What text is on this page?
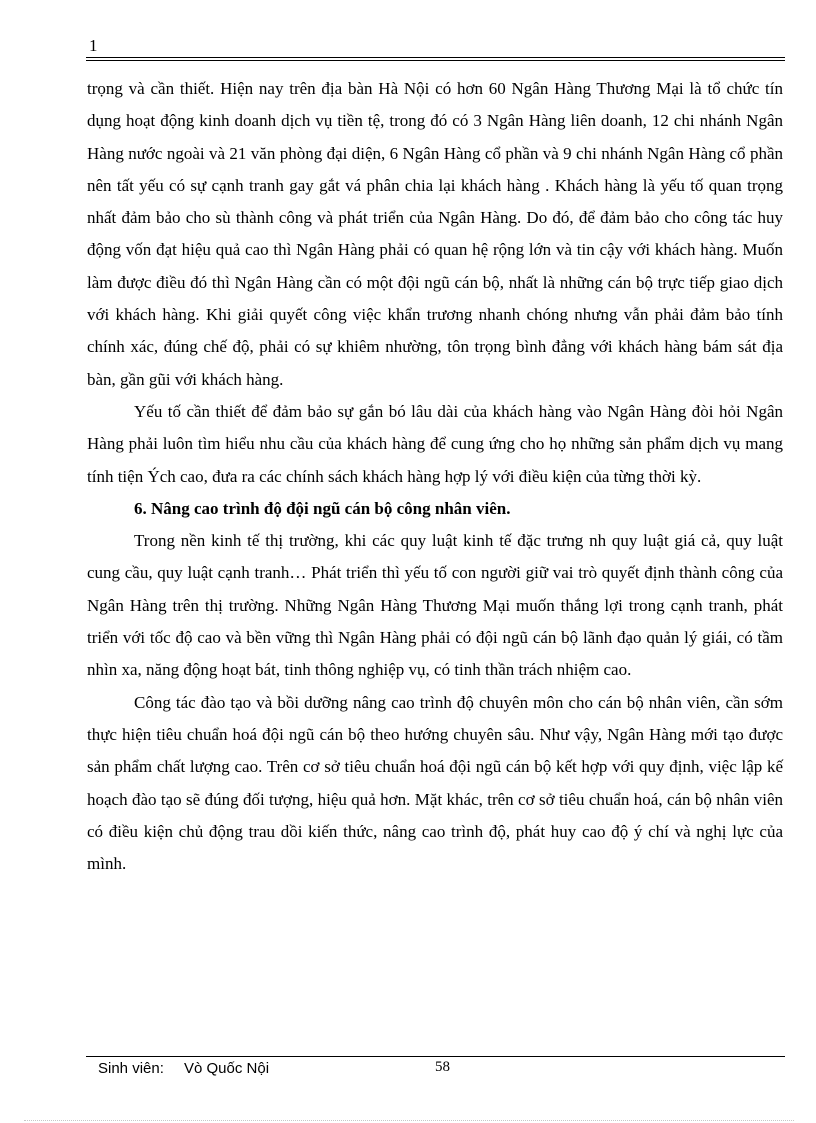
1

trọng và cần thiết. Hiện nay trên địa bàn Hà Nội có hơn 60 Ngân Hàng Thương Mại là tổ chức tín dụng hoạt động kinh doanh dịch vụ tiền tệ, trong đó có 3 Ngân Hàng liên doanh, 12 chi nhánh Ngân Hàng nước ngoài và 21 văn phòng đại diện, 6 Ngân Hàng cổ phần và 9 chi nhánh Ngân Hàng cổ phần nên tất yếu có sự cạnh tranh gay gắt vá phân chia lại khách hàng . Khách hàng là yếu tố quan trọng nhất đảm bảo cho sù thành công và phát triển của Ngân Hàng. Do đó, để đảm bảo cho công tác huy động vốn đạt hiệu quả cao thì Ngân Hàng phải có quan hệ rộng lớn và tin cậy với khách hàng. Muốn làm được điều đó thì Ngân Hàng cần có một đội ngũ cán bộ, nhất là những cán bộ trực tiếp giao dịch với khách hàng. Khi giải quyết công việc khẩn trương nhanh chóng nhưng vẫn phải đảm bảo tính chính xác, đúng chế độ, phải có sự khiêm nhường, tôn trọng bình đẳng với khách hàng bám sát địa bàn, gần gũi với khách hàng.

Yếu tố cần thiết để đảm bảo sự gắn bó lâu dài của khách hàng vào Ngân Hàng đòi hỏi Ngân Hàng phải luôn tìm hiểu nhu cầu của khách hàng để cung ứng cho họ những sản phẩm dịch vụ mang tính tiện Ých cao, đưa ra các chính sách khách hàng hợp lý với điều kiện của từng thời kỳ.

6. Nâng cao trình độ đội ngũ cán bộ công nhân viên.

Trong nền kinh tế thị trường, khi các quy luật kinh tế đặc trưng nh quy luật giá cả, quy luật cung cầu, quy luật cạnh tranh… Phát triển thì yếu tố con người giữ vai trò quyết định thành công của Ngân Hàng trên thị trường. Những Ngân Hàng Thương Mại muốn thắng lợi trong cạnh tranh, phát triển với tốc độ cao và bền vững thì Ngân Hàng phải có đội ngũ cán bộ lãnh đạo quản lý giái, có tầm nhìn xa, năng động hoạt bát, tinh thông nghiệp vụ, có tinh thần trách nhiệm cao.

Công tác đào tạo và bồi dưỡng nâng cao trình độ chuyên môn cho cán bộ nhân viên, cần sớm thực hiện tiêu chuẩn hoá đội ngũ cán bộ theo hướng chuyên sâu. Như vậy, Ngân Hàng mới tạo được sản phẩm chất lượng cao. Trên cơ sở tiêu chuẩn hoá đội ngũ cán bộ kết hợp với quy định, việc lập kế hoạch đào tạo sẽ đúng đối tượng, hiệu quả hơn. Mặt khác, trên cơ sở tiêu chuẩn hoá, cán bộ nhân viên có điều kiện chủ động trau dồi kiến thức, nâng cao trình độ, phát huy cao độ ý chí và nghị lực của mình.

Sinh viên: Vò Quốc Nội	58
